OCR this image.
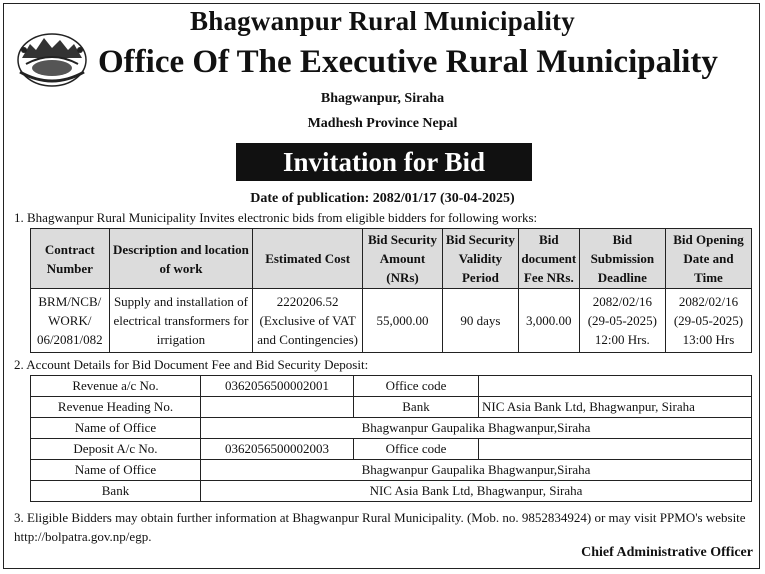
Bhagwanpur Rural Municipality
Office Of The Executive Rural Municipality
Bhagwanpur, Siraha
Madhesh Province Nepal
Invitation for Bid
Date of publication: 2082/01/17 (30-04-2025)
1. Bhagwanpur Rural Municipality Invites electronic bids from eligible bidders for following works:
Contract Number	Description and location of work	Estimated Cost	Bid Security Amount (NRs)	Bid Security Validity Period	Bid document Fee NRs.	Bid Submission Deadline	Bid Opening Date and Time
BRM/NCB/ WORK/ 06/2081/082	Supply and installation of electrical transformers for irrigation	2220206.52 (Exclusive of VAT and Contingencies)	55,000.00	90 days	3,000.00	2082/02/16 (29-05-2025) 12:00 Hrs.	2082/02/16 (29-05-2025) 13:00 Hrs
2. Account Details for Bid Document Fee and Bid Security Deposit:
Revenue a/c No.	0362056500002001	Office code	
Revenue Heading No.		Bank	NIC Asia Bank Ltd, Bhagwanpur, Siraha
Name of Office	Bhagwanpur Gaupalika Bhagwanpur,Siraha		
Deposit A/c No.	0362056500002003	Office code	
Name of Office	Bhagwanpur Gaupalika Bhagwanpur,Siraha		
Bank	NIC Asia Bank Ltd, Bhagwanpur, Siraha		
3. Eligible Bidders may obtain further information at Bhagwanpur Rural Municipality. (Mob. no. 9852834924) or may visit PPMO's website http://bolpatra.gov.np/egp.
Chief Administrative Officer
